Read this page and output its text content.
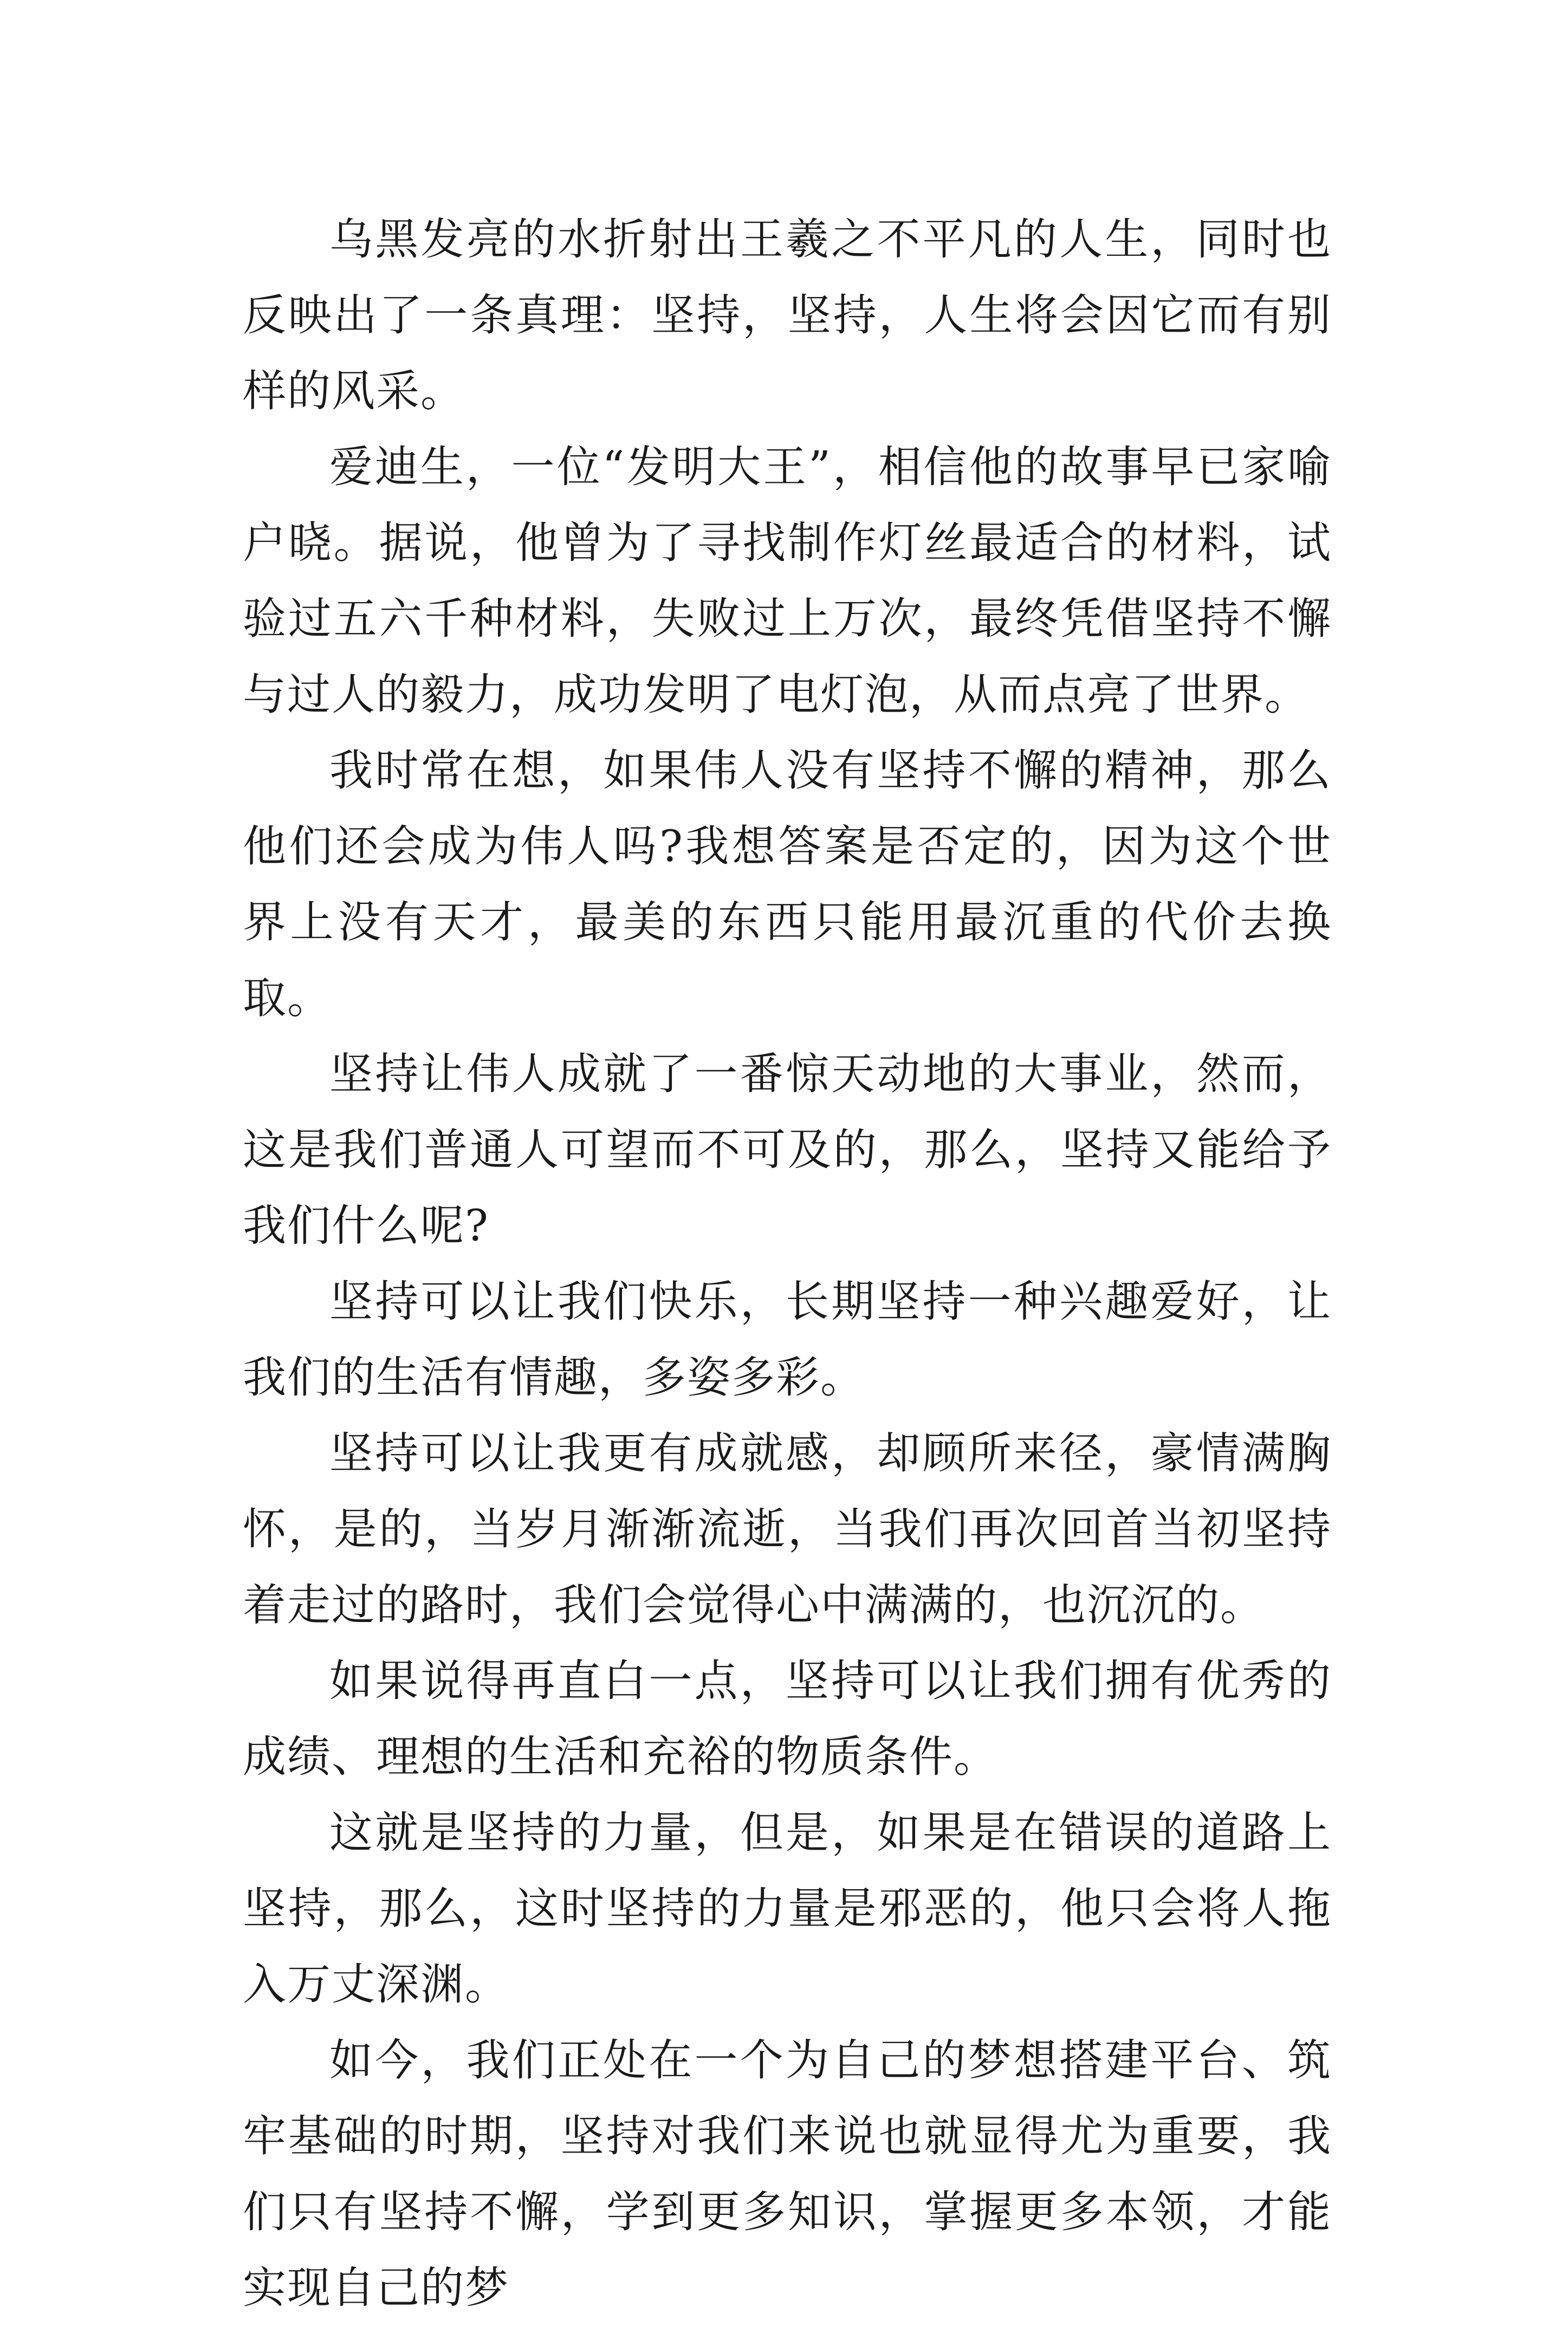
乌黑发亮的水折射出王羲之不平凡的人生，同时也反映出了一条真理：坚持，坚持，人生将会因它而有别样的风采。

爱迪生，一位“发明大王”，相信他的故事早已家喻户晓。据说，他曾为了寻找制作灯丝最适合的材料，试验过五六千种材料，失败过上万次，最终凭借坚持不懈与过人的毅力，成功发明了电灯泡，从而点亮了世界。

我时常在想，如果伟人没有坚持不懈的精神，那么他们还会成为伟人吗?我想答案是否定的，因为这个世界上没有天才，最美的东西只能用最沉重的代价去换取。

坚持让伟人成就了一番惊天动地的大事业，然而，这是我们普通人可望而不可及的，那么，坚持又能给予我们什么呢?

坚持可以让我们快乐，长期坚持一种兴趣爱好，让我们的生活有情趣，多姿多彩。

坚持可以让我更有成就感，却顾所来径，豪情满胸怀，是的，当岁月渐渐流逝，当我们再次回首当初坚持着走过的路时，我们会觉得心中满满的，也沉沉的。

如果说得再直白一点，坚持可以让我们拥有优秀的成绩、理想的生活和充裕的物质条件。

这就是坚持的力量，但是，如果是在错误的道路上坚持，那么，这时坚持的力量是邪恶的，他只会将人拖入万丈深渊。

如今，我们正处在一个为自己的梦想搭建平台、筑牢基础的时期，坚持对我们来说也就显得尤为重要，我们只有坚持不懈，学到更多知识，掌握更多本领，才能实现自己的梦
